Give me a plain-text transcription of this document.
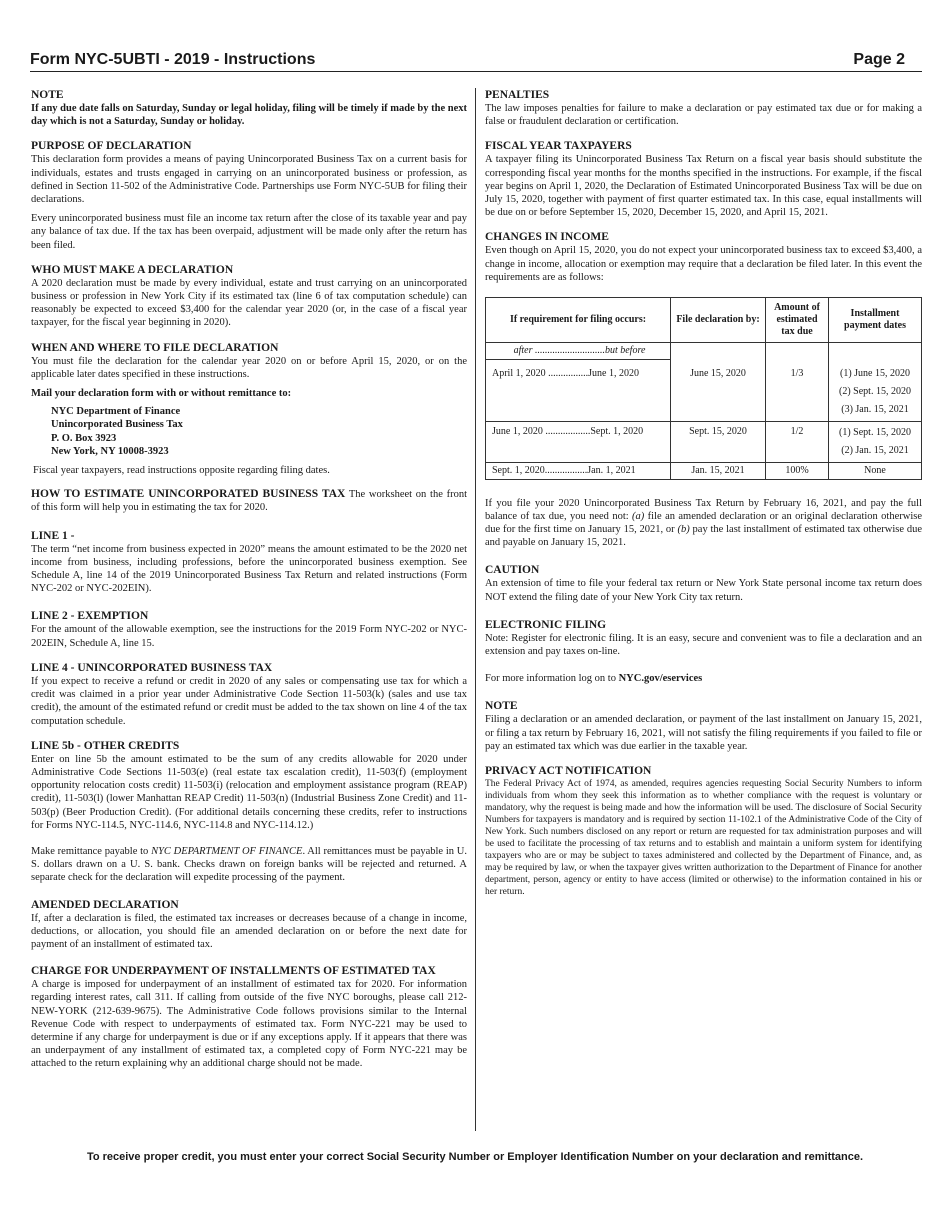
Form NYC-5UBTI - 2019 - Instructions	Page 2
NOTE

If any due date falls on Saturday, Sunday or legal holiday, filing will be timely if made by the next day which is not a Saturday, Sunday or holiday.

PURPOSE OF DECLARATION

This declaration form provides a means of paying Unincorporated Business Tax on a current basis for individuals, estates and trusts engaged in carrying on an unincorporated business or profession, as defined in Section 11-502 of the Administrative Code. Partnerships use Form NYC-5UB for filing their declarations.

Every unincorporated business must file an income tax return after the close of its taxable year and pay any balance of tax due. If the tax has been overpaid, adjustment will be made only after the return has been filed.

WHO MUST MAKE A DECLARATION

A 2020 declaration must be made by every individual, estate and trust carrying on an unincorporated business or profession in New York City if its estimated tax (line 6 of tax computation schedule) can reasonably be expected to exceed $3,400 for the calendar year 2020 (or, in the case of a fiscal year taxpayer, for the fiscal year beginning in 2020).

WHEN AND WHERE TO FILE DECLARATION

You must file the declaration for the calendar year 2020 on or before April 15, 2020, or on the applicable later dates specified in these instructions.

Mail your declaration form with or without remittance to:

NYC Department of Finance
Unincorporated Business Tax
P. O. Box 3923
New York, NY 10008-3923

Fiscal year taxpayers, read instructions opposite regarding filing dates.

HOW TO ESTIMATE UNINCORPORATED BUSINESS TAX The worksheet on the front of this form will help you in estimating the tax for 2020.

LINE 1 -

The term “net income from business expected in 2020” means the amount estimated to be the 2020 net income from business, including professions, before the unincorporated business exemption. See Schedule A, line 14 of the 2019 Unincorporated Business Tax Return and related instructions (Form NYC-202 or NYC-202EIN).

LINE 2 - EXEMPTION

For the amount of the allowable exemption, see the instructions for the 2019 Form NYC-202 or NYC-202EIN, Schedule A, line 15.

LINE 4 - UNINCORPORATED BUSINESS TAX

If you expect to receive a refund or credit in 2020 of any sales or compensating use tax for which a credit was claimed in a prior year under Administrative Code Section 11-503(k) (sales and use tax credit), the amount of the estimated refund or credit must be added to the tax shown on line 4 of the tax computation schedule.

LINE 5b - OTHER CREDITS

Enter on line 5b the amount estimated to be the sum of any credits allowable for 2020 under Administrative Code Sections 11-503(e) (real estate tax escalation credit), 11-503(f) (employment opportunity relocation costs credit) 11-503(i) (relocation and employment assistance program (REAP) credit), 11-503(l) (lower Manhattan REAP Credit) 11-503(n) (Industrial Business Zone Credit) and 11-503(p) (Beer Production Credit). (For additional details concerning these credits, refer to instructions for Forms NYC-114.5, NYC-114.6, NYC-114.8 and NYC-114.12.)

Make remittance payable to NYC DEPARTMENT OF FINANCE. All remittances must be payable in U. S. dollars drawn on a U. S. bank. Checks drawn on foreign banks will be rejected and returned. A separate check for the declaration will expedite processing of the payment.

AMENDED DECLARATION

If, after a declaration is filed, the estimated tax increases or decreases because of a change in income, deductions, or allocation, you should file an amended declaration on or before the next date for payment of an installment of estimated tax.

CHARGE FOR UNDERPAYMENT OF INSTALLMENTS OF ESTIMATED TAX

A charge is imposed for underpayment of an installment of estimated tax for 2020. For information regarding interest rates, call 311. If calling from outside of the five NYC boroughs, please call 212-NEW-YORK (212-639-9675). The Administrative Code follows provisions similar to the Internal Revenue Code with respect to underpayments of estimated tax. Form NYC-221 may be used to determine if any charge for underpayment is due or if any exceptions apply. If it appears that there was an underpayment of any installment of estimated tax, a completed copy of Form NYC-221 may be attached to the return explaining why an additional charge should not be made.

PENALTIES

The law imposes penalties for failure to make a declaration or pay estimated tax due or for making a false or fraudulent declaration or certification.

FISCAL YEAR TAXPAYERS

A taxpayer filing its Unincorporated Business Tax Return on a fiscal year basis should substitute the corresponding fiscal year months for the months specified in the instructions. For example, if the fiscal year begins on April 1, 2020, the Declaration of Estimated Unincorporated Business Tax will be due on July 15, 2020, together with payment of first quarter estimated tax. In this case, equal installments will be due on or before September 15, 2020, December 15, 2020, and April 15, 2021.

CHANGES IN INCOME

Even though on April 15, 2020, you do not expect your unincorporated business tax to exceed $3,400, a change in income, allocation or exemption may require that a declaration be filed later. In this event the requirements are as follows:

If requirement for filing occurs:	File declaration by:	Amount of estimated tax due	Installment payment dates
after ............................but before			
April 1, 2020 ................June 1, 2020	June 15, 2020	1/3	(1) June 15, 2020
(2) Sept. 15, 2020
(3) Jan. 15, 2021

June 1, 2020 ..................Sept. 1, 2020	Sept. 15, 2020	1/2	(1) Sept. 15, 2020
(2) Jan. 15, 2021

Sept. 1, 2020.................Jan. 1, 2021	Jan. 15, 2021	100%	None

If you file your 2020 Unincorporated Business Tax Return by February 16, 2021, and pay the full balance of tax due, you need not: (a) file an amended declaration or an original declaration otherwise due for the first time on January 15, 2021, or (b) pay the last installment of estimated tax otherwise due and payable on January 15, 2021.

CAUTION

An extension of time to file your federal tax return or New York State personal income tax return does NOT extend the filing date of your New York City tax return.

ELECTRONIC FILING

Note: Register for electronic filing. It is an easy, secure and convenient was to file a declaration and an extension and pay taxes on-line.

For more information log on to NYC.gov/eservices

NOTE

Filing a declaration or an amended declaration, or payment of the last installment on January 15, 2021, or filing a tax return by February 16, 2021, will not satisfy the filing requirements if you failed to file or pay an estimated tax which was due earlier in the taxable year.

PRIVACY ACT NOTIFICATION

The Federal Privacy Act of 1974, as amended, requires agencies requesting Social Security Numbers to inform individuals from whom they seek this information as to whether compliance with the request is voluntary or mandatory, why the request is being made and how the information will be used. The disclosure of Social Security Numbers for taxpayers is mandatory and is required by section 11-102.1 of the Administrative Code of the City of New York. Such numbers disclosed on any report or return are requested for tax administration purposes and will be used to facilitate the processing of tax returns and to establish and maintain a uniform system for identifying taxpayers who are or may be subject to taxes administered and collected by the Department of Finance, and, as may be required by law, or when the taxpayer gives written authorization to the Department of Finance for another department, person, agency or entity to have access (limited or otherwise) to the information contained in his or her return.

To receive proper credit, you must enter your correct Social Security Number or Employer Identification Number on your declaration and remittance.
